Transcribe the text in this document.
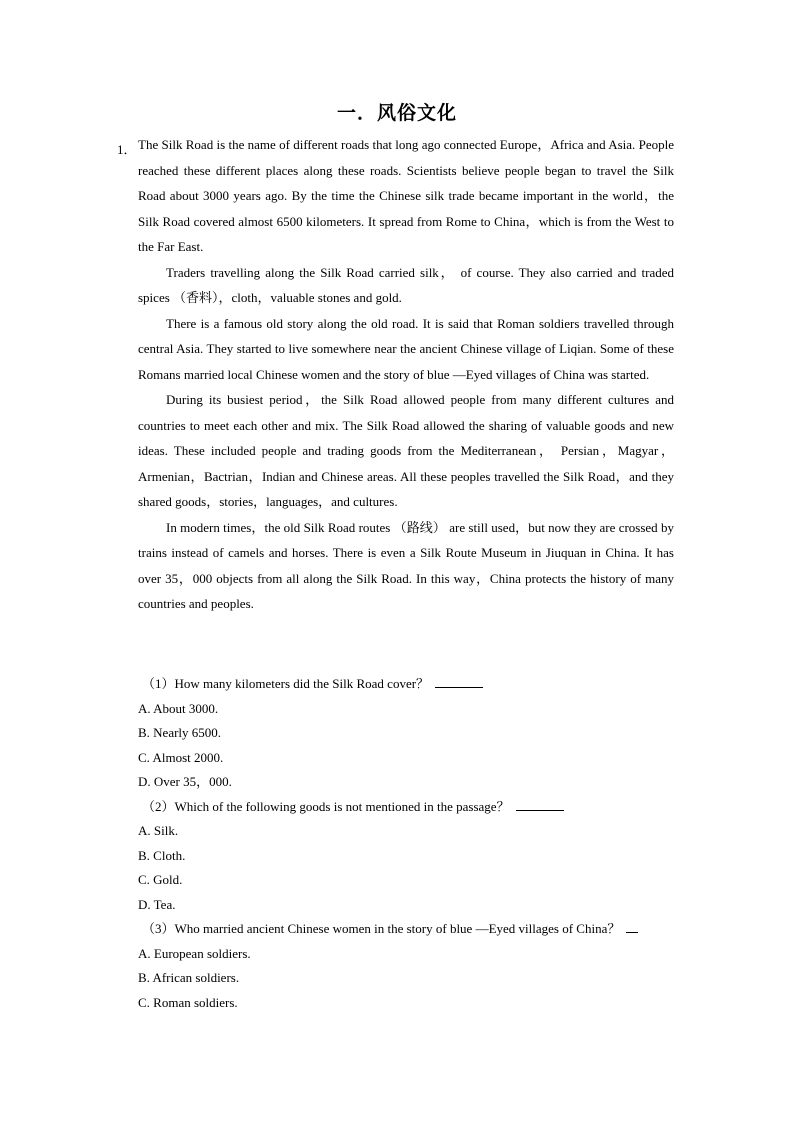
一．风俗文化
1． The Silk Road is the name of different roads that long ago connected Europe，Africa and Asia. People reached these different places along these roads. Scientists believe people began to travel the Silk Road about 3000 years ago. By the time the Chinese silk trade became important in the world，the Silk Road covered almost 6500 kilometers. It spread from Rome to China，which is from the West to the Far East.

Traders travelling along the Silk Road carried silk， of course. They also carried and traded spices （香料），cloth，valuable stones and gold.

There is a famous old story along the old road. It is said that Roman soldiers travelled through central Asia. They started to live somewhere near the ancient Chinese village of Liqian. Some of these Romans married local Chinese women and the story of blue —Eyed villages of China was started.

During its busiest period，the Silk Road allowed people from many different cultures and countries to meet each other and mix. The Silk Road allowed the sharing of valuable goods and new ideas. These included people and trading goods from the Mediterranean， Persian，Magyar，Armenian，Bactrian，Indian and Chinese areas. All these peoples travelled the Silk Road，and they shared goods，stories，languages，and cultures.

In modern times，the old Silk Road routes （路线） are still used，but now they are crossed by trains instead of camels and horses. There is even a Silk Route Museum in Jiuquan in China. It has over 35，000 objects from all along the Silk Road. In this way，China protects the history of many countries and peoples.

（1）How many kilometers did the Silk Road cover？
A. About 3000.
B. Nearly 6500.
C. Almost 2000.
D. Over 35，000.
（2）Which of the following goods is not mentioned in the passage？
A. Silk.
B. Cloth.
C. Gold.
D. Tea.
（3）Who married ancient Chinese women in the story of blue —Eyed villages of China？
A. European soldiers.
B. African soldiers.
C. Roman soldiers.
